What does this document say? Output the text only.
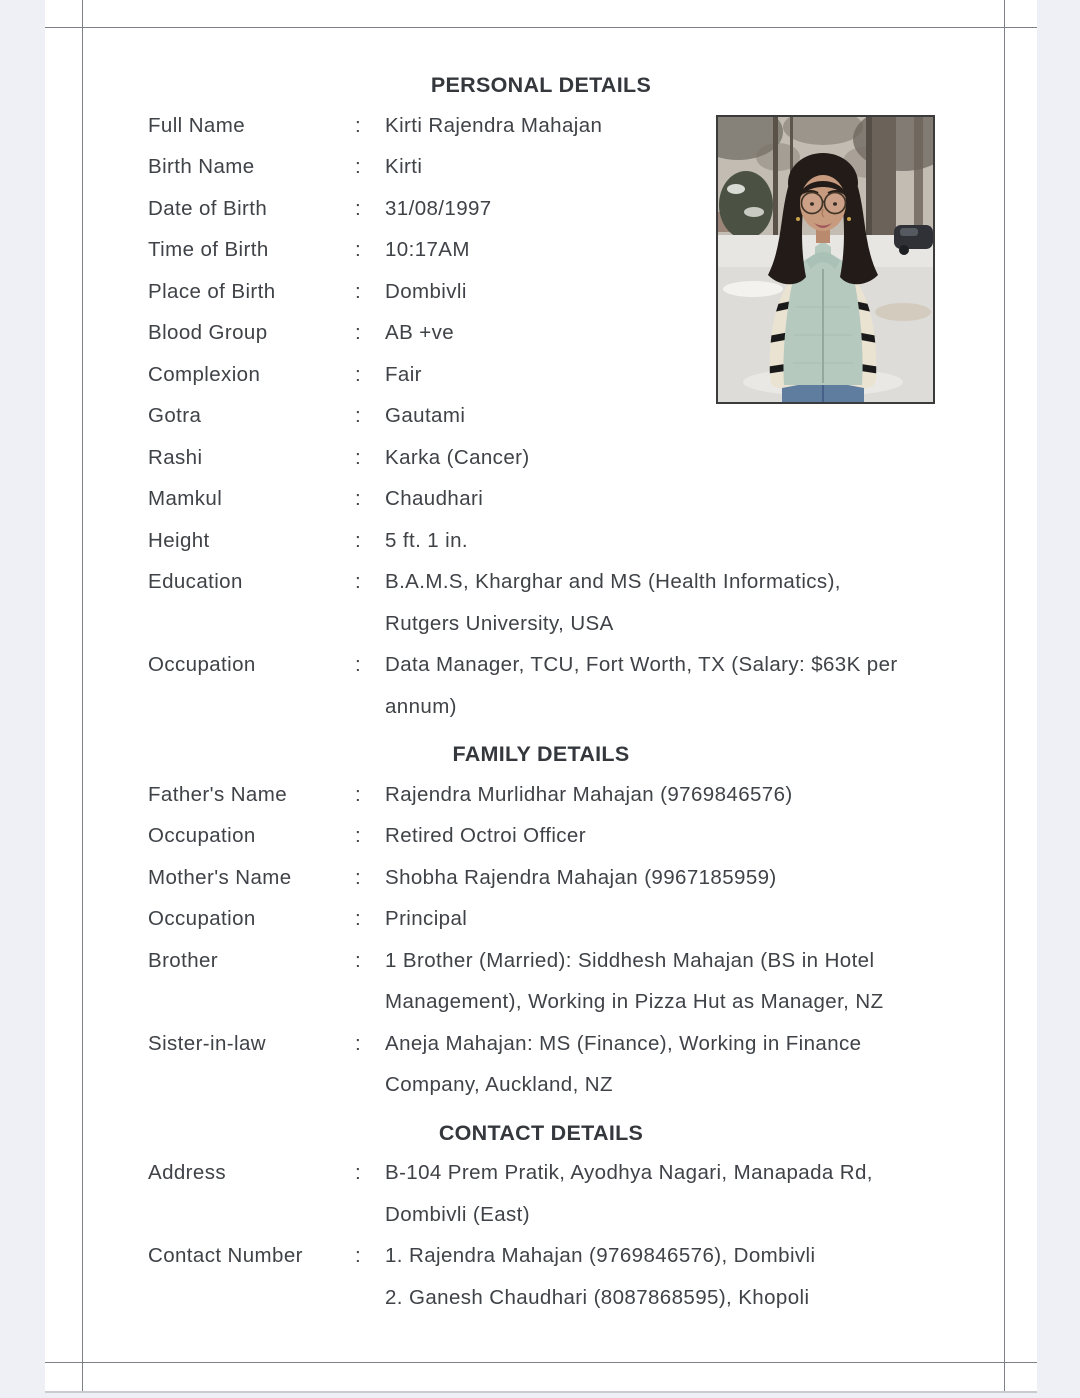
PERSONAL DETAILS
Full Name	:	Kirti Rajendra Mahajan
Birth Name	:	Kirti
Date of Birth	:	31/08/1997
Time of Birth	:	10:17AM
Place of Birth	:	Dombivli
Blood Group	:	AB +ve
Complexion	:	Fair
Gotra	:	Gautami
Rashi	:	Karka (Cancer)
Mamkul	:	Chaudhari
Height	:	5 ft. 1 in.
Education	:	B.A.M.S, Kharghar and MS (Health Informatics),
Rutgers University, USA
Occupation	:	Data Manager, TCU, Fort Worth, TX (Salary: $63K per
annum)
FAMILY DETAILS
Father's Name	:	Rajendra Murlidhar Mahajan (9769846576)
Occupation	:	Retired Octroi Officer
Mother's Name	:	Shobha Rajendra Mahajan (9967185959)
Occupation	:	Principal
Brother	:	1 Brother (Married): Siddhesh Mahajan (BS in Hotel
Management), Working in Pizza Hut as Manager, NZ
Sister-in-law	:	Aneja Mahajan: MS (Finance), Working in Finance
Company, Auckland, NZ
CONTACT DETAILS
Address	:	B-104 Prem Pratik, Ayodhya Nagari, Manapada Rd,
Dombivli (East)
Contact Number	:	1. Rajendra Mahajan (9769846576), Dombivli
2. Ganesh Chaudhari (8087868595), Khopoli
